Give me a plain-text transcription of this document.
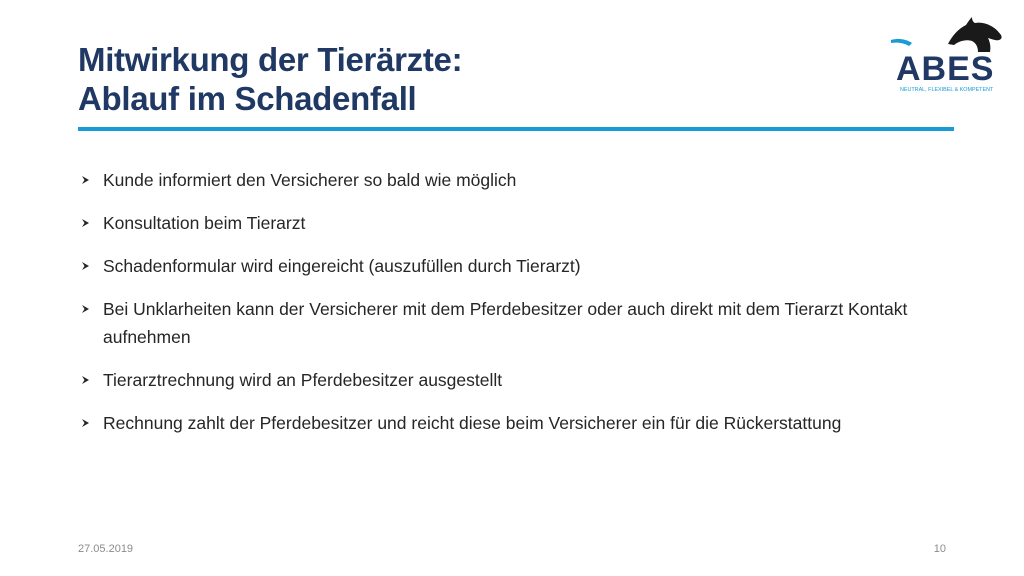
Mitwirkung der Tierärzte:
Ablauf im Schadenfall
ABES
NEUTRAL, FLEXIBEL & KOMPETENT
Kunde informiert den Versicherer so bald wie möglich
Konsultation beim Tierarzt
Schadenformular wird eingereicht (auszufüllen durch Tierarzt)
Bei Unklarheiten kann der Versicherer mit dem Pferdebesitzer oder auch direkt mit dem Tierarzt Kontakt aufnehmen
Tierarztrechnung wird an Pferdebesitzer ausgestellt
Rechnung zahlt der Pferdebesitzer und reicht diese beim Versicherer ein für die Rückerstattung
27.05.2019	10
